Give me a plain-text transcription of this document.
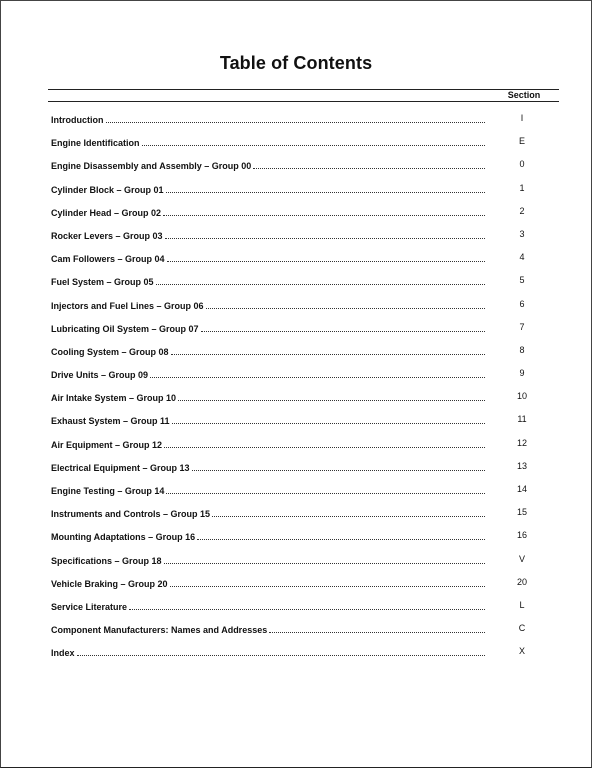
Table of Contents
Section
Introduction	I
Engine Identification	E
Engine Disassembly and Assembly – Group 00	0
Cylinder Block – Group 01	1
Cylinder Head – Group 02	2
Rocker Levers – Group 03	3
Cam Followers – Group 04	4
Fuel System – Group 05	5
Injectors and Fuel Lines – Group 06	6
Lubricating Oil System – Group 07	7
Cooling System – Group 08	8
Drive Units – Group 09	9
Air Intake System – Group 10	10
Exhaust System – Group 11	11
Air Equipment – Group 12	12
Electrical Equipment – Group 13	13
Engine Testing – Group 14	14
Instruments and Controls – Group 15	15
Mounting Adaptations – Group 16	16
Specifications – Group 18	V
Vehicle Braking – Group 20	20
Service Literature	L
Component Manufacturers: Names and Addresses	C
Index	X
